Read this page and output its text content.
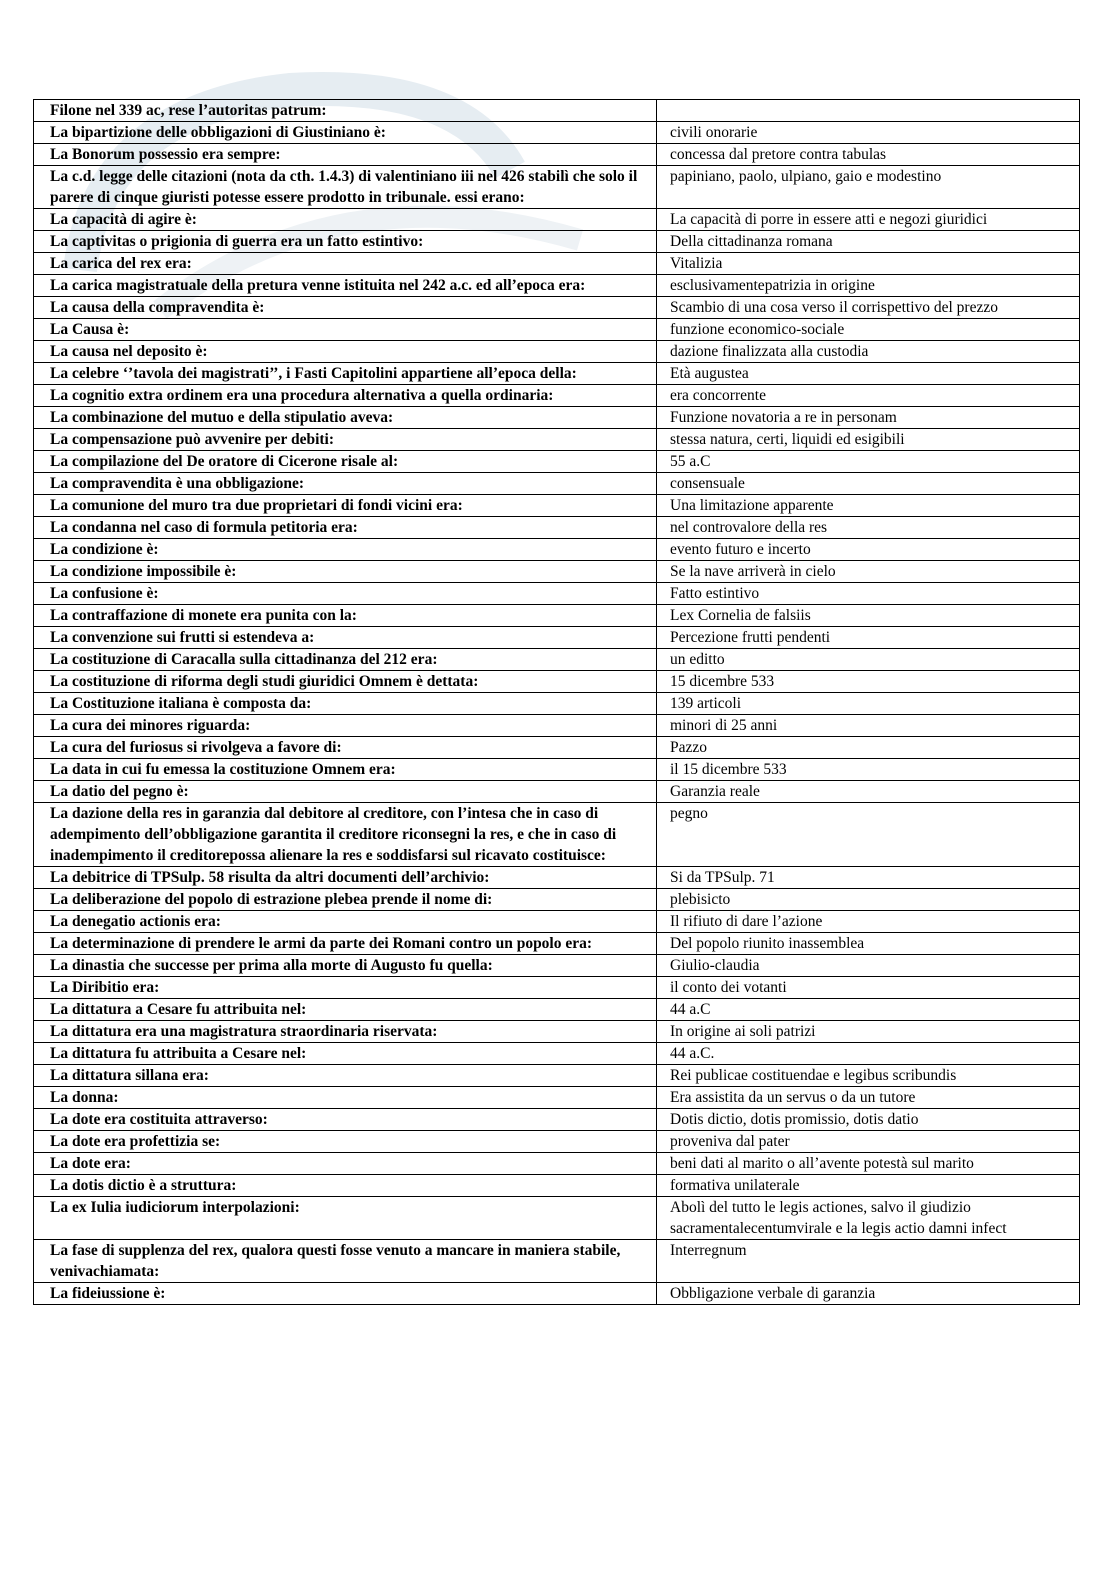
Filone nel 339 ac, rese l’autoritas patrum:	
La bipartizione delle obbligazioni di Giustiniano è:	civili onorarie
La Bonorum possessio era sempre:	concessa dal pretore contra tabulas
La c.d. legge delle citazioni (nota da cth. 1.4.3) di valentiniano iii nel 426 stabilì che solo il parere di cinque giuristi potesse essere prodotto in tribunale. essi erano:	papiniano, paolo, ulpiano, gaio e modestino
La capacità di agire è:	La capacità di porre in essere atti e negozi giuridici
La captivitas o prigionia di guerra era un fatto estintivo:	Della cittadinanza romana
La carica del rex era:	Vitalizia
La carica magistratuale della pretura venne istituita nel 242 a.c. ed all’epoca era:	esclusivamentepatrizia in origine
La causa della compravendita è:	Scambio di una cosa verso il corrispettivo del prezzo
La Causa è:	funzione economico-sociale
La causa nel deposito è:	dazione finalizzata alla custodia
La celebre ‘’tavola dei magistrati’’, i Fasti Capitolini appartiene all’epoca della:	Età augustea
La cognitio extra ordinem era una procedura alternativa a quella ordinaria:	era concorrente
La combinazione del mutuo e della stipulatio aveva:	Funzione novatoria a re in personam
La compensazione può avvenire per debiti:	stessa natura, certi, liquidi ed esigibili
La compilazione del De oratore di Cicerone risale al:	55 a.C
La compravendita è una obbligazione:	consensuale
La comunione del muro tra due proprietari di fondi vicini era:	Una limitazione apparente
La condanna nel caso di formula petitoria era:	nel controvalore della res
La condizione è:	evento futuro e incerto
La condizione impossibile è:	Se la nave arriverà in cielo
La confusione è:	Fatto estintivo
La contraffazione di monete era punita con la:	Lex Cornelia de falsiis
La convenzione sui frutti si estendeva a:	Percezione frutti pendenti
La costituzione di Caracalla sulla cittadinanza del 212 era:	un editto
La costituzione di riforma degli studi giuridici Omnem è dettata:	15 dicembre 533
La Costituzione italiana è composta da:	139 articoli
La cura dei minores riguarda:	minori di 25 anni
La cura del furiosus si rivolgeva a favore di:	Pazzo
La data in cui fu emessa la costituzione Omnem era:	il 15 dicembre 533
La datio del pegno è:	Garanzia reale
La dazione della res in garanzia dal debitore al creditore, con l’intesa che in caso di adempimento dell’obbligazione garantita il creditore riconsegni la res, e che in caso di inadempimento il creditorepossa alienare la res e soddisfarsi sul ricavato costituisce:	pegno
La debitrice di TPSulp. 58 risulta da altri documenti dell’archivio:	Si da TPSulp. 71
La deliberazione del popolo di estrazione plebea prende il nome di:	plebisicto
La denegatio actionis era:	Il rifiuto di dare l’azione
La determinazione di prendere le armi da parte dei Romani contro un popolo era:	Del popolo riunito inassemblea
La dinastia che successe per prima alla morte di Augusto fu quella:	Giulio-claudia
La Diribitio era:	il conto dei votanti
La dittatura a Cesare fu attribuita nel:	44 a.C
La dittatura era una magistratura straordinaria riservata:	In origine ai soli patrizi
La dittatura fu attribuita a Cesare nel:	44 a.C.
La dittatura sillana era:	Rei publicae costituendae e legibus scribundis
La donna:	Era assistita da un servus o da un tutore
La dote era costituita attraverso:	Dotis dictio, dotis promissio, dotis datio
La dote era profettizia se:	proveniva dal pater
La dote era:	beni dati al marito o all’avente potestà sul marito
La dotis dictio è a struttura:	formativa unilaterale
La ex Iulia iudiciorum interpolazioni:	Abolì del tutto le legis actiones, salvo il giudizio sacramentalecentumvirale e la legis actio damni infect
La fase di supplenza del rex, qualora questi fosse venuto a mancare in maniera stabile, venivachiamata:	Interregnum
La fideiussione è:	Obbligazione verbale di garanzia
